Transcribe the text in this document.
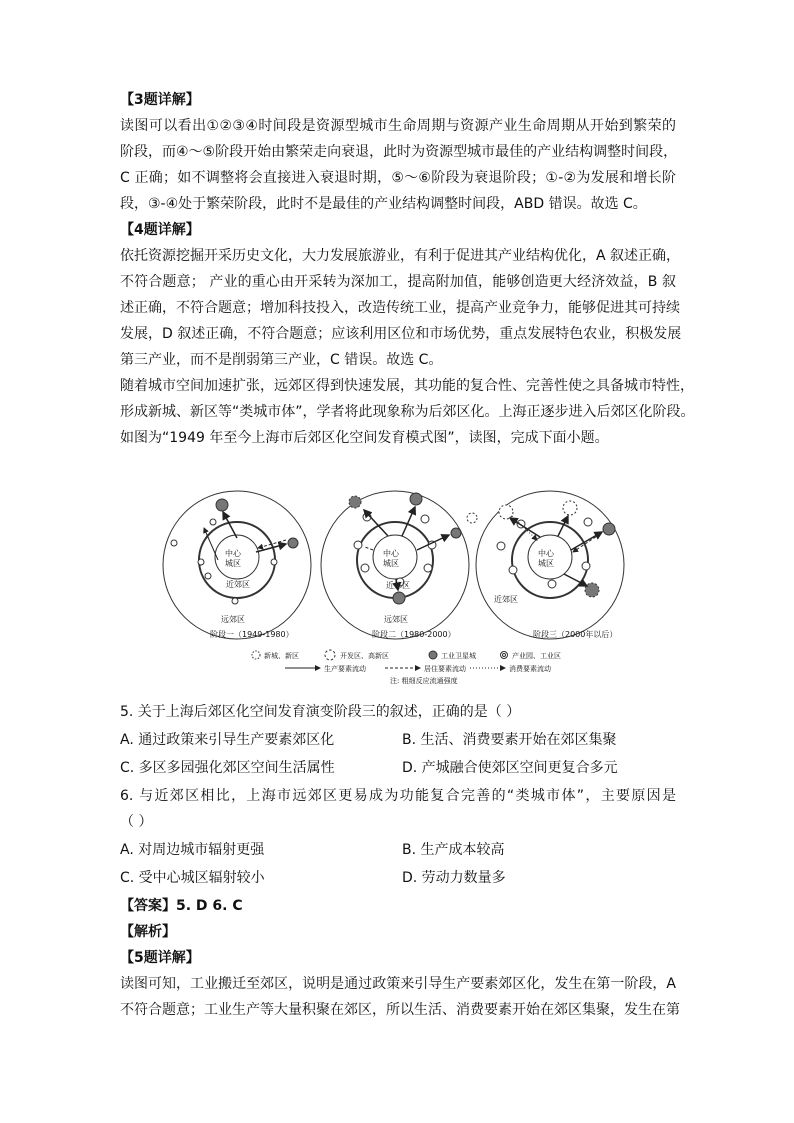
【3题详解】
读图可以看出①②③④时间段是资源型城市生命周期与资源产业生命周期从开始到繁荣的
阶段，而④～⑤阶段开始由繁荣走向衰退，此时为资源型城市最佳的产业结构调整时间段，
C 正确；如不调整将会直接进入衰退时期，⑤～⑥阶段为衰退阶段；①-②为发展和增长阶
段，③-④处于繁荣阶段，此时不是最佳的产业结构调整时间段，ABD 错误。故选 C。
【4题详解】
依托资源挖掘开采历史文化，大力发展旅游业，有利于促进其产业结构优化，A 叙述正确，
不符合题意； 产业的重心由开采转为深加工，提高附加值，能够创造更大经济效益，B 叙
述正确，不符合题意；增加科技投入，改造传统工业，提高产业竞争力，能够促进其可持续
发展，D 叙述正确，不符合题意；应该利用区位和市场优势，重点发展特色农业，积极发展
第三产业，而不是削弱第三产业，C 错误。故选 C。
随着城市空间加速扩张，远郊区得到快速发展，其功能的复合性、完善性使之具备城市特性，
形成新城、新区等“类城市体”，学者将此现象称为后郊区化。上海正逐步进入后郊区化阶段。
如图为“1949 年至今上海市后郊区化空间发育模式图”，读图，完成下面小题。
中心
城区
近郊区
远郊区
中心
城区
近郊区
远郊区
中心
城区
近郊区
阶段一（1949-1980）	阶段二（1980-2000）	阶段三（2000年以后）
新城、新区	开发区、高新区	工业卫星城	产业园、工业区
生产要素流动	居住要素流动	消费要素流动
注: 粗细反应流通强度
5. 关于上海后郊区化空间发育演变阶段三的叙述，正确的是（ ）
A. 通过政策来引导生产要素郊区化	B. 生活、消费要素开始在郊区集聚
C. 多区多园强化郊区空间生活属性	D. 产城融合使郊区空间更复合多元
6. 与近郊区相比，上海市远郊区更易成为功能复合完善的“类城市体”，主要原因是
（ ）
A. 对周边城市辐射更强	B. 生产成本较高
C. 受中心城区辐射较小	D. 劳动力数量多
【答案】5. D 6. C
【解析】
【5题详解】
读图可知，工业搬迁至郊区，说明是通过政策来引导生产要素郊区化，发生在第一阶段，A
不符合题意；工业生产等大量积聚在郊区，所以生活、消费要素开始在郊区集聚，发生在第
